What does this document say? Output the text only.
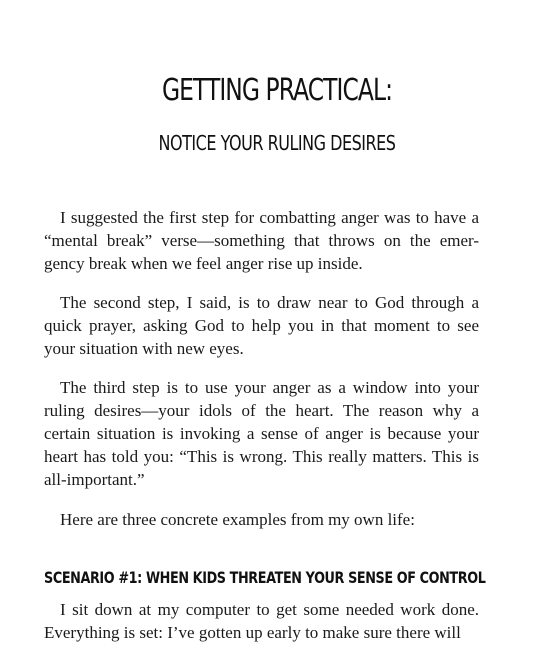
GETTING PRACTICAL:
NOTICE YOUR RULING DESIRES

I suggested the first step for combatting anger was to have a “mental break” verse—something that throws on the emer-gency break when we feel anger rise up inside.

The second step, I said, is to draw near to God through a quick prayer, asking God to help you in that moment to see your situation with new eyes.

The third step is to use your anger as a window into your ruling desires—your idols of the heart. The reason why a certain situation is invoking a sense of anger is because your heart has told you: “This is wrong. This really matters. This is all-important.”

Here are three concrete examples from my own life:

SCENARIO #1: WHEN KIDS THREATEN YOUR SENSE OF CONTROL

I sit down at my computer to get some needed work done. Everything is set: I’ve gotten up early to make sure there will
